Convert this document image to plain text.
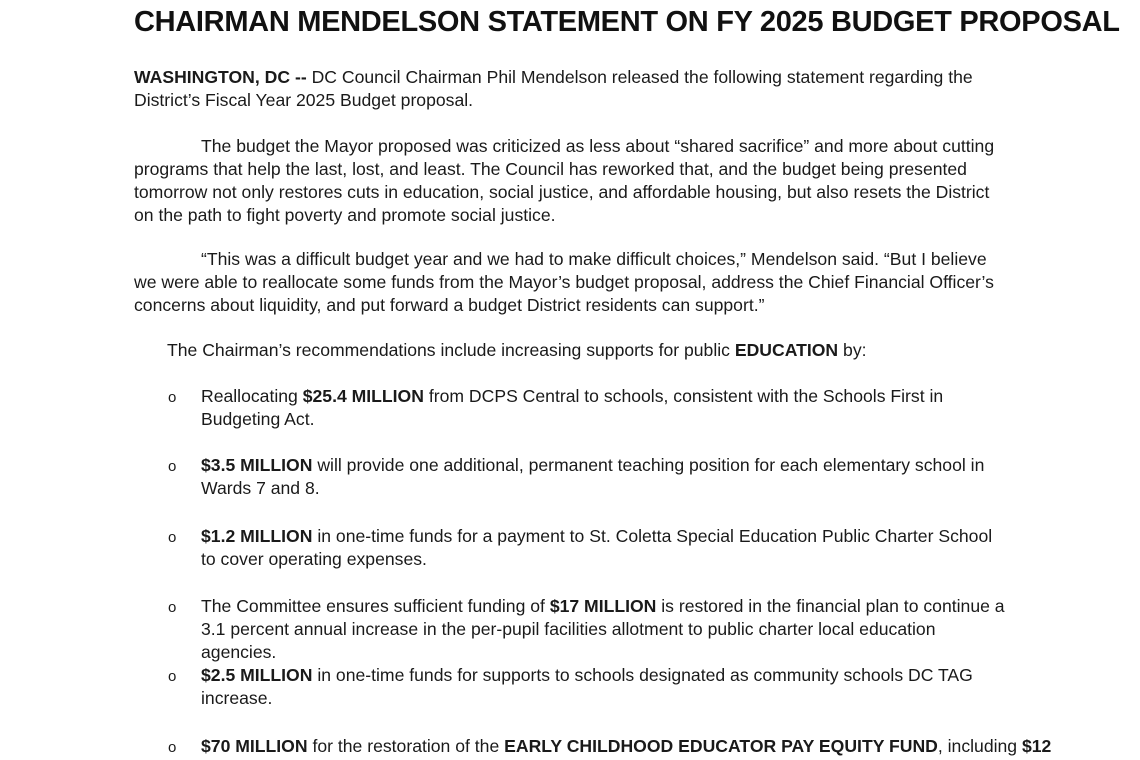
CHAIRMAN MENDELSON STATEMENT ON FY 2025 BUDGET PROPOSAL

WASHINGTON, DC -- DC Council Chairman Phil Mendelson released the following statement regarding the District’s Fiscal Year 2025 Budget proposal.

The budget the Mayor proposed was criticized as less about “shared sacrifice” and more about cutting programs that help the last, lost, and least. The Council has reworked that, and the budget being presented tomorrow not only restores cuts in education, social justice, and affordable housing, but also resets the District on the path to fight poverty and promote social justice.

“This was a difficult budget year and we had to make difficult choices,” Mendelson said. “But I believe we were able to reallocate some funds from the Mayor’s budget proposal, address the Chief Financial Officer’s concerns about liquidity, and put forward a budget District residents can support.”

The Chairman’s recommendations include increasing supports for public EDUCATION by:

o Reallocating $25.4 MILLION from DCPS Central to schools, consistent with the Schools First in Budgeting Act.

o $3.5 MILLION will provide one additional, permanent teaching position for each elementary school in Wards 7 and 8.

o $1.2 MILLION in one-time funds for a payment to St. Coletta Special Education Public Charter School to cover operating expenses.

o The Committee ensures sufficient funding of $17 MILLION is restored in the financial plan to continue a 3.1 percent annual increase in the per-pupil facilities allotment to public charter local education agencies.

o $2.5 MILLION in one-time funds for supports to schools designated as community schools DC TAG increase.

o $70 MILLION for the restoration of the EARLY CHILDHOOD EDUCATOR PAY EQUITY FUND, including $12
